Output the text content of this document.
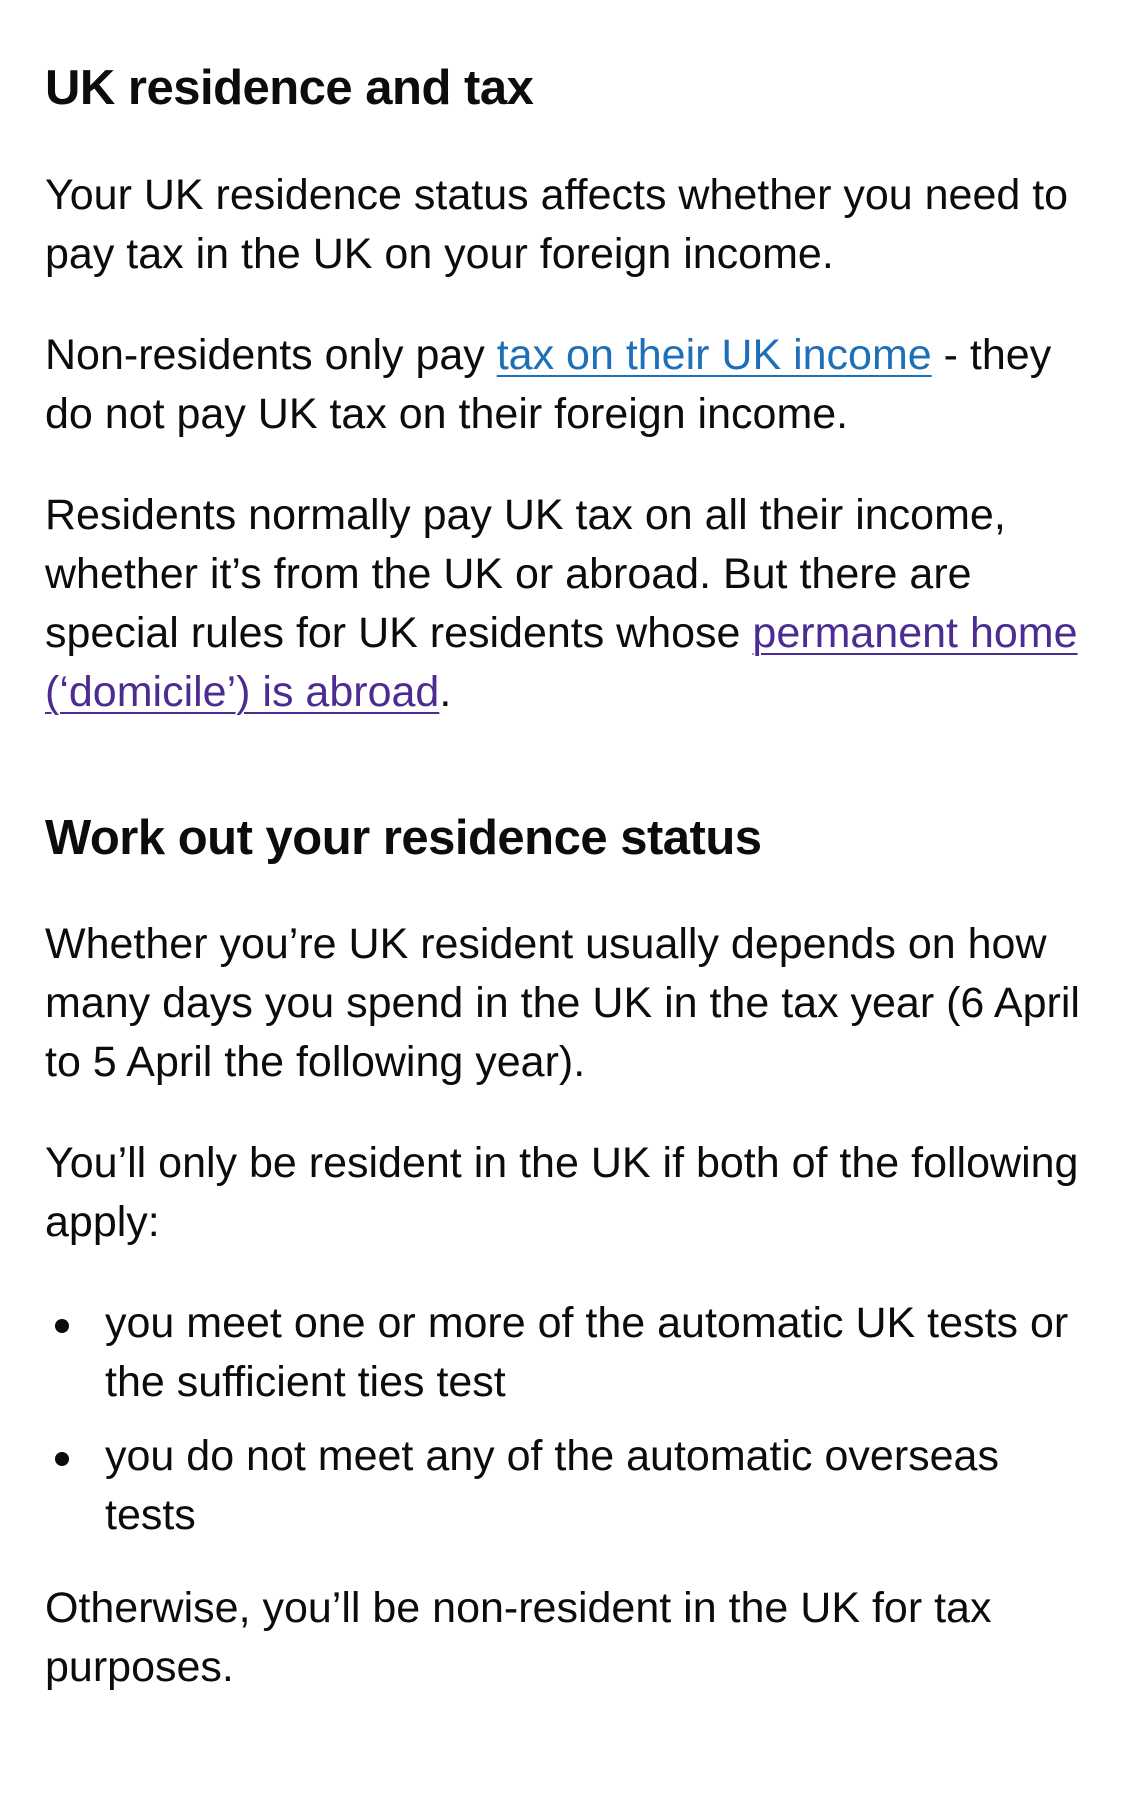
UK residence and tax

Your UK residence status affects whether you need to pay tax in the UK on your foreign income.

Non-residents only pay tax on their UK income - they do not pay UK tax on their foreign income.

Residents normally pay UK tax on all their income, whether it’s from the UK or abroad. But there are special rules for UK residents whose permanent home (‘domicile’) is abroad.

Work out your residence status

Whether you’re UK resident usually depends on how many days you spend in the UK in the tax year (6 April to 5 April the following year).

You’ll only be resident in the UK if both of the following apply:

you meet one or more of the automatic UK tests or the sufficient ties test
you do not meet any of the automatic overseas tests

Otherwise, you’ll be non-resident in the UK for tax purposes.
